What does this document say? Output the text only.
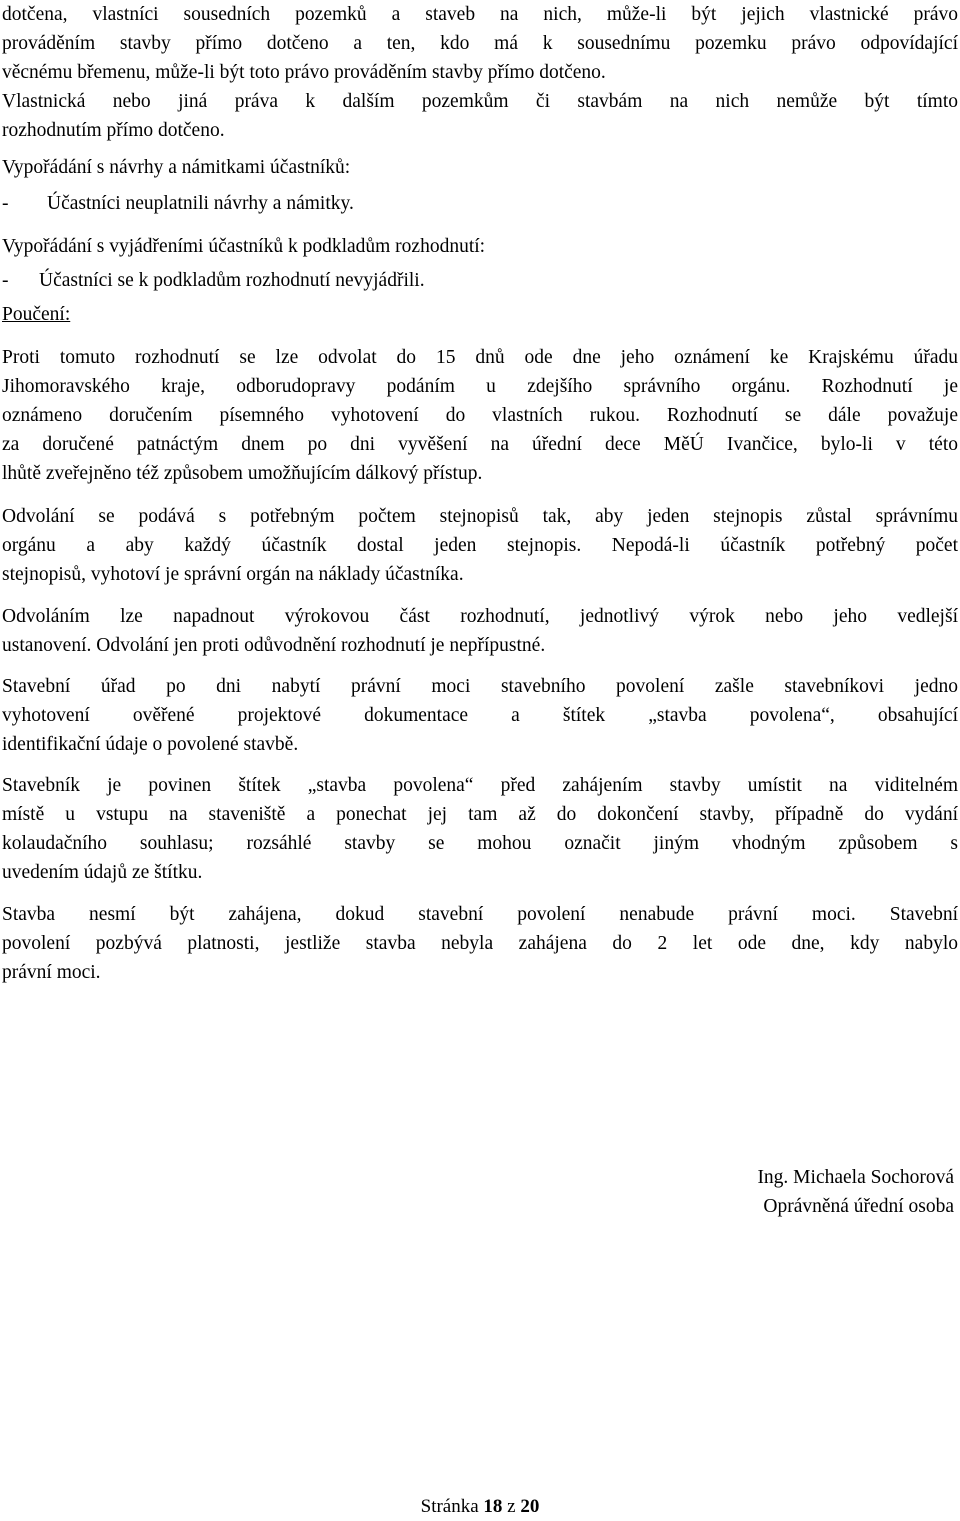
dotčena, vlastníci sousedních pozemků a staveb na nich, může-li být jejich vlastnické právo
prováděním stavby přímo dotčeno a ten, kdo má k sousednímu pozemku právo odpovídající
věcnému břemenu, může-li být toto právo prováděním stavby přímo dotčeno.
Vlastnická nebo jiná práva k dalším pozemkům či stavbám na nich nemůže být tímto
rozhodnutím přímo dotčeno.
Vypořádání s návrhy a námitkami účastníků:
- Účastníci neuplatnili návrhy a námitky.
Vypořádání s vyjádřeními účastníků k podkladům rozhodnutí:
- Účastníci se k podkladům rozhodnutí nevyjádřili.
Poučení:
Proti tomuto rozhodnutí se lze odvolat do 15 dnů ode dne jeho oznámení ke Krajskému úřadu
Jihomoravského kraje, odborudopravy podáním u zdejšího správního orgánu. Rozhodnutí je
oznámeno doručením písemného vyhotovení do vlastních rukou. Rozhodnutí se dále považuje
za doručené patnáctým dnem po dni vyvěšení na úřední dece MěÚ Ivančice, bylo-li v této
lhůtě zveřejněno též způsobem umožňujícím dálkový přístup.
Odvolání se podává s potřebným počtem stejnopisů tak, aby jeden stejnopis zůstal správnímu
orgánu a aby každý účastník dostal jeden stejnopis. Nepodá-li účastník potřebný počet
stejnopisů, vyhotoví je správní orgán na náklady účastníka.
Odvoláním lze napadnout výrokovou část rozhodnutí, jednotlivý výrok nebo jeho vedlejší
ustanovení. Odvolání jen proti odůvodnění rozhodnutí je nepřípustné.
Stavební úřad po dni nabytí právní moci stavebního povolení zašle stavebníkovi jedno
vyhotovení ověřené projektové dokumentace a štítek „stavba povolena“, obsahující
identifikační údaje o povolené stavbě.
Stavebník je povinen štítek „stavba povolena“ před zahájením stavby umístit na viditelném
místě u vstupu na staveniště a ponechat jej tam až do dokončení stavby, případně do vydání
kolaudačního souhlasu; rozsáhlé stavby se mohou označit jiným vhodným způsobem s
uvedením údajů ze štítku.
Stavba nesmí být zahájena, dokud stavební povolení nenabude právní moci. Stavební
povolení pozbývá platnosti, jestliže stavba nebyla zahájena do 2 let ode dne, kdy nabylo
právní moci.
Ing. Michaela Sochorová
Oprávněná úřední osoba
Stránka 18 z 20
